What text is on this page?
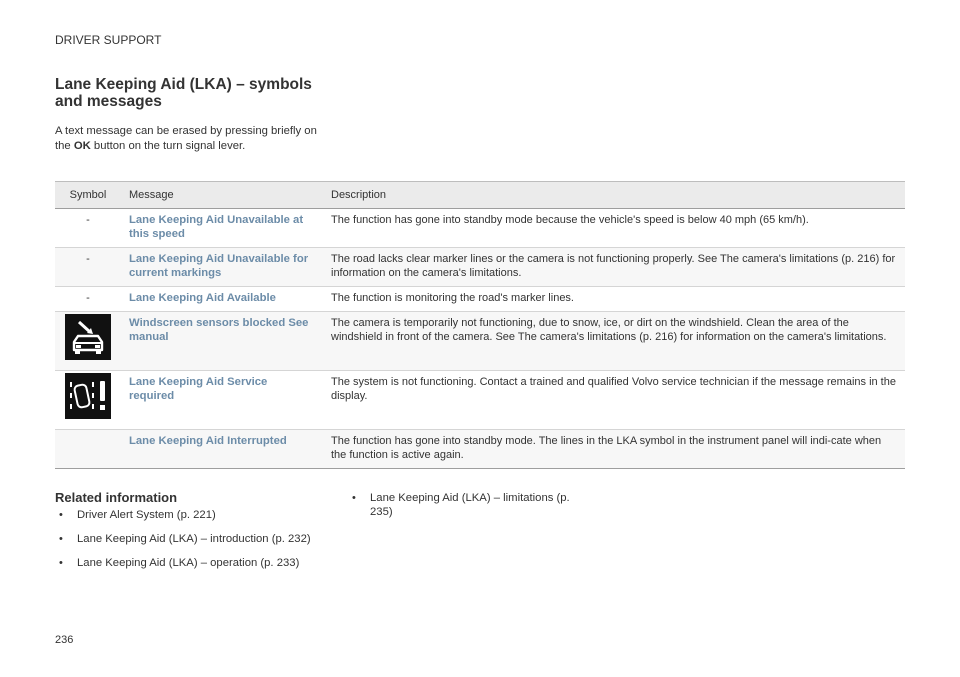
DRIVER SUPPORT
Lane Keeping Aid (LKA) – symbols and messages
A text message can be erased by pressing briefly on the OK button on the turn signal lever.
Symbol	Message	Description
-	Lane Keeping Aid Unavailable at this speed	The function has gone into standby mode because the vehicle's speed is below 40 mph (65 km/h).
-	Lane Keeping Aid Unavailable for current markings	The road lacks clear marker lines or the camera is not functioning properly. See The camera's limitations (p. 216) for information on the camera's limitations.
-	Lane Keeping Aid Available	The function is monitoring the road's marker lines.

	Windscreen sensors blocked See manual	The camera is temporarily not functioning, due to snow, ice, or dirt on the windshield. Clean the area of the windshield in front of the camera. See The camera's limitations (p. 216) for information on the camera's limitations.

	Lane Keeping Aid Service required	The system is not functioning. Contact a trained and qualified Volvo service technician if the message remains in the display.
	Lane Keeping Aid Interrupted	The function has gone into standby mode. The lines in the LKA symbol in the instrument panel will indi-cate when the function is active again.
Related information
• Driver Alert System (p. 221)
• Lane Keeping Aid (LKA) – introduction (p. 232)
• Lane Keeping Aid (LKA) – operation (p. 233)
• Lane Keeping Aid (LKA) – limitations (p. 235)
236
